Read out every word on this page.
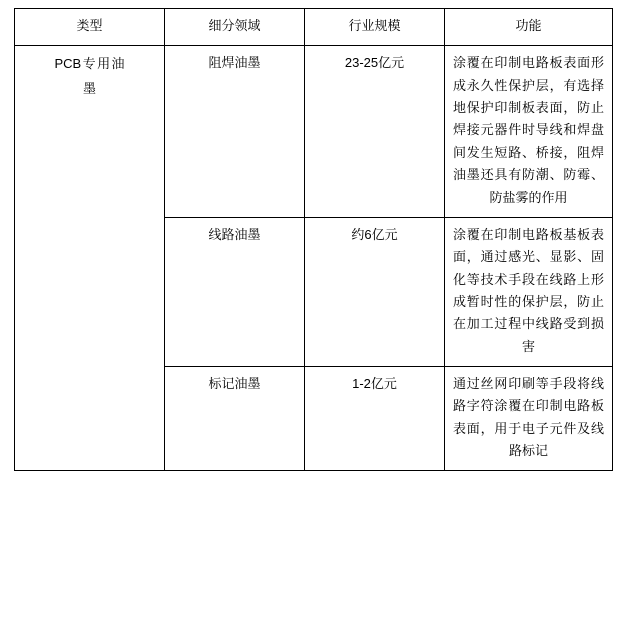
类型	细分领域	行业规模	功能

PCB专用油墨	阻焊油墨	23-25亿元	涂覆在印制电路板表面形成永久性保护层，有选择地保护印制板表面，防止焊接元器件时导线和焊盘间发生短路、桥接，阻焊油墨还具有防潮、防霉、防盐雾的作用

	线路油墨	约6亿元	涂覆在印制电路板基板表面，通过感光、显影、固化等技术手段在线路上形成暂时性的保护层，防止在加工过程中线路受到损害

	标记油墨	1-2亿元	通过丝网印刷等手段将线路字符涂覆在印制电路板表面，用于电子元件及线路标记
